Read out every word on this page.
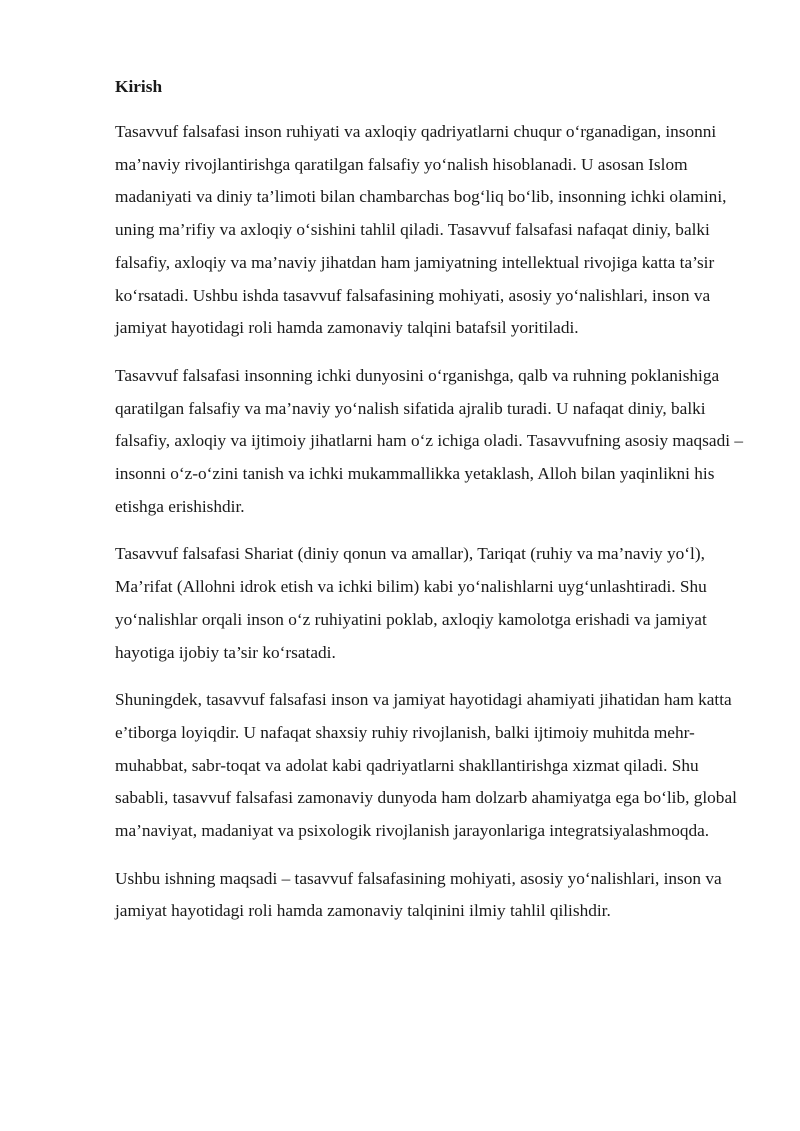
Kirish

Tasavvuf falsafasi inson ruhiyati va axloqiy qadriyatlarni chuqur o‘rganadigan, insonni ma’naviy rivojlantirishga qaratilgan falsafiy yo‘nalish hisoblanadi. U asosan Islom madaniyati va diniy ta’limoti bilan chambarchas bog‘liq bo‘lib, insonning ichki olamini, uning ma’rifiy va axloqiy o‘sishini tahlil qiladi. Tasavvuf falsafasi nafaqat diniy, balki falsafiy, axloqiy va ma’naviy jihatdan ham jamiyatning intellektual rivojiga katta ta’sir ko‘rsatadi. Ushbu ishda tasavvuf falsafasining mohiyati, asosiy yo‘nalishlari, inson va jamiyat hayotidagi roli hamda zamonaviy talqini batafsil yoritiladi.

Tasavvuf falsafasi insonning ichki dunyosini o‘rganishga, qalb va ruhning poklanishiga qaratilgan falsafiy va ma’naviy yo‘nalish sifatida ajralib turadi. U nafaqat diniy, balki falsafiy, axloqiy va ijtimoiy jihatlarni ham o‘z ichiga oladi. Tasavvufning asosiy maqsadi – insonni o‘z-o‘zini tanish va ichki mukammallikka yetaklash, Alloh bilan yaqinlikni his etishga erishishdir.

Tasavvuf falsafasi Shariat (diniy qonun va amallar), Tariqat (ruhiy va ma’naviy yo‘l), Ma’rifat (Allohni idrok etish va ichki bilim) kabi yo‘nalishlarni uyg‘unlashtiradi. Shu yo‘nalishlar orqali inson o‘z ruhiyatini poklab, axloqiy kamolotga erishadi va jamiyat hayotiga ijobiy ta’sir ko‘rsatadi.

Shuningdek, tasavvuf falsafasi inson va jamiyat hayotidagi ahamiyati jihatidan ham katta e’tiborga loyiqdir. U nafaqat shaxsiy ruhiy rivojlanish, balki ijtimoiy muhitda mehr-muhabbat, sabr-toqat va adolat kabi qadriyatlarni shakllantirishga xizmat qiladi. Shu sababli, tasavvuf falsafasi zamonaviy dunyoda ham dolzarb ahamiyatga ega bo‘lib, global ma’naviyat, madaniyat va psixologik rivojlanish jarayonlariga integratsiyalashmoqda.

Ushbu ishning maqsadi – tasavvuf falsafasining mohiyati, asosiy yo‘nalishlari, inson va jamiyat hayotidagi roli hamda zamonaviy talqinini ilmiy tahlil qilishdir.
